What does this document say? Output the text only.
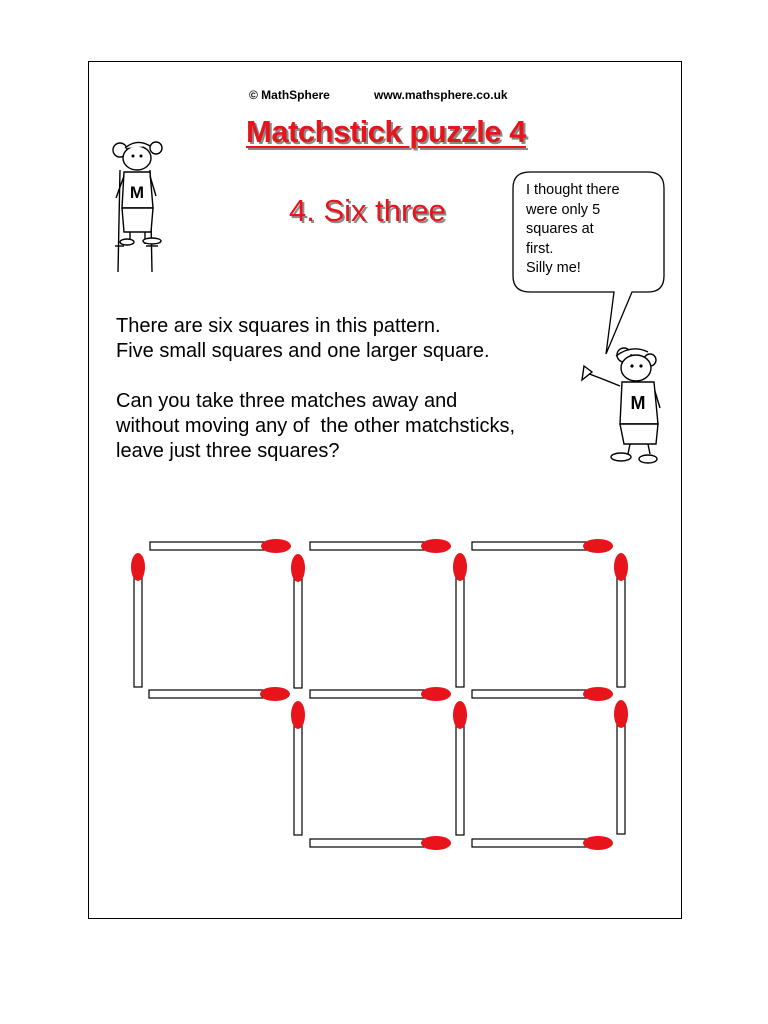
© MathSphere	www.mathsphere.co.uk
Matchstick puzzle 4
4. Six three
There are six squares in this pattern.
Five small squares and one larger square.
Can you take three matches away and
without moving any of  the other matchsticks,
leave just three squares?
I thought there
were only 5
squares at
first.
Silly me!
M
M
